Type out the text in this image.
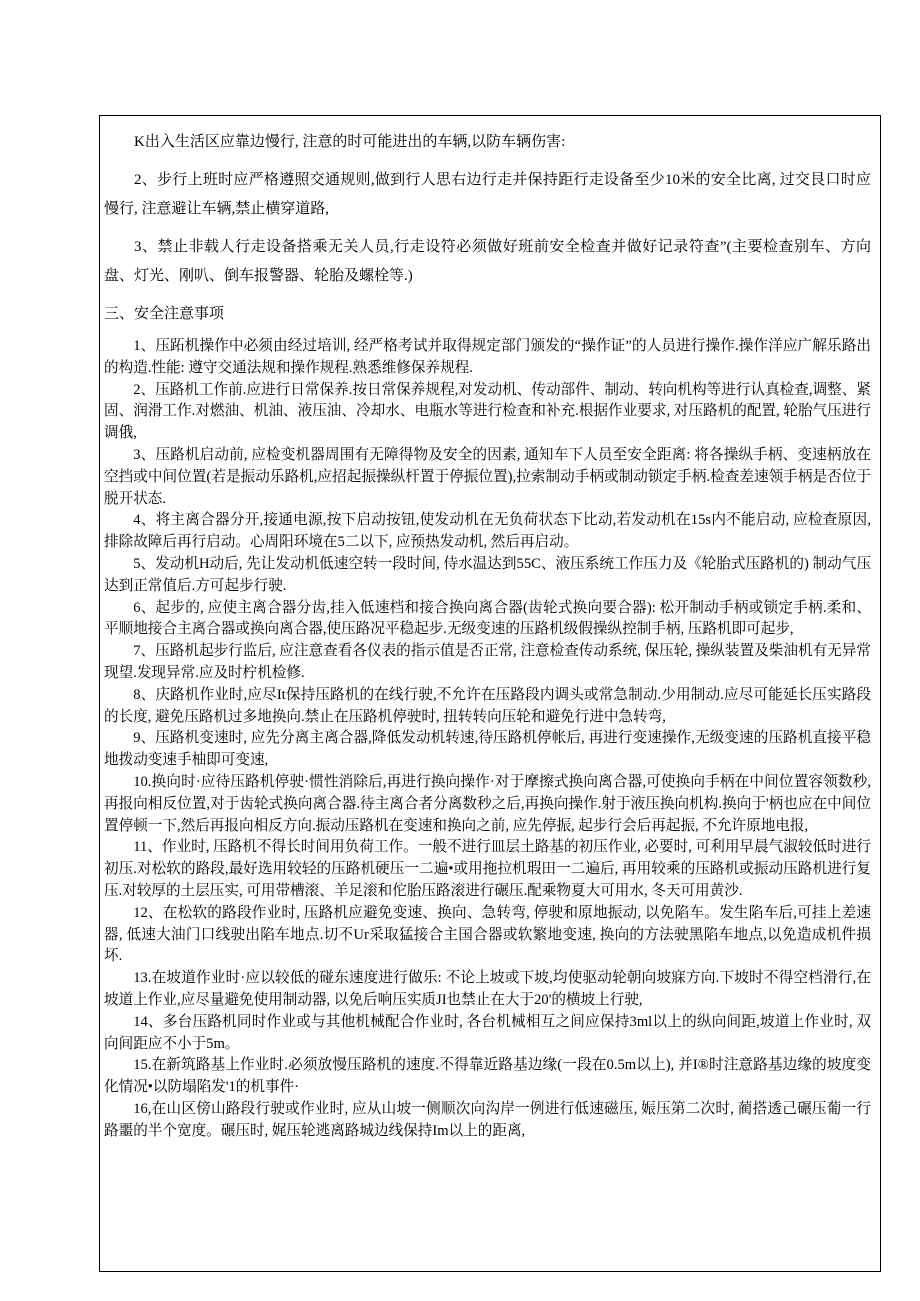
K出入生活区应靠边慢行, 注意的时可能进出的车辆,以防车辆伤害:

2、步行上班时应严格遵照交通规则,做到行人思右边行走并保持距行走设备至少10米的安全比离, 过交艮口时应慢行, 注意避让车辆,禁止横穿道路,

3、禁止非载人行走设备搭乘无关人员,行走设符必须做好班前安全检查并做好记录符查”(主要检查别车、方向盘、灯光、刚叭、倒车报警器、轮胎及螺栓等.)

三、安全注意事项

1、压跖机操作中必须由经过培训, 经严格考试并取得规定部门颁发的“操作证”的人员进行操作.操作洋应广解乐路出的构造.性能: 遵守交通法规和操作规程.熟悉维修保养规程.

2、压路机工作前.应进行日常保养.按日常保养规程,对发动机、传动部件、制动、转向机构等进行认真检查,调整、紧固、润滑工作.对燃油、机油、液压油、冷却水、电瓶水等进行检查和补充.根据作业要求, 对压路机的配置, 轮胎气压进行调俄,

3、压路机启动前, 应检变机器周围有无障得物及安全的因素, 通知车下人员至安全距离: 将各操纵手柄、变速柄放在空挡或中间位置(若是振动乐路机,应招起振操纵杆置于停振位置),拉索制动手柄或制动锁定手柄.检查差速领手柄是否位于脱开状态.

4、将主离合器分开,接通电源,按下启动按钮,使发动机在无负荷状态下比动,若发动机在15s内不能启动, 应检查原因, 排除故障后再行启动。心周阳环境在5二以下, 应预热发动机, 然后再启动。

5、发动机H动后, 先让发动机低速空转一段时间, 侍水温达到55C、液压系统工作压力及《轮胎式压路机的) 制动气压达到正常值后.方可起步行驶.

6、起步的, 应使主离合器分齿,挂入低速档和接合换向离合器(齿轮式换向要合器): 松开制动手柄或锁定手柄.柔和、平顺地接合主离合器或换向离合器,使压路况平稳起步.无级变速的压路机级假操纵控制手柄, 压路机即可起步,

7、压路机起步行监后, 应注意查看各仪表的指示值是否正常, 注意检查传动系统, 保压轮, 操纵装置及柴油机有无异常现望.发现异常.应及时柠机检修.

8、庆路机作业时,应尽It保持压路机的在线行驶,不允许在压路段内调头或常急制动.少用制动.应尽可能延长压实路段的长度, 避免压路机过多地换向.禁止在压路机停驶时, 扭转转向压轮和避免行进中急转弯,

9、压路机变速时, 应先分离主离合器,降低发动机转速,待压路机停帐后, 再进行变速操作,无级变速的压路机直接平稳地拨动变速手柚即可变速,

10.换向时·应待压路机停驶·惯性消除后,再进行换向操作·对于摩擦式换向离合器,可使换向手柄在中间位置容领数秒,再报向相反位置,对于齿轮式换向离合器.待主离合者分离数秒之后,再换向操作.射于液压换向机构.换向于'柄也应在中间位置停顿一下,然后再报向相反方向.振动压路机在变速和换向之前, 应先停振, 起步行会后再起振, 不允许原地电报,

11、作业时, 压路机不得长时间用负荷工作。一般不进行皿层土路基的初压作业, 必要时, 可利用早晨气淑较低时进行初压.对松软的路段,最好选用较轻的压路机硬压一二遍•或用拖拉机瑕田一二遍后, 再用较乘的压路机或振动压路机进行复压.对较厚的土层压实, 可用带槽滚、羊足滚和佗胎压路滚进行碾压.配乘物夏大可用水, 冬天可用黄沙.

12、在松软的路段作业时, 压路机应避免变速、换向、急转弯, 停驶和原地振动, 以免陷车。发生陷车后,可挂上差速器, 低速大油门口线驶出陷车地点.切不Ur采取猛接合主国合器或软繁地变速, 换向的方法驶黑陷车地点,以免造成机件损坏.

13.在坡道作业时·应以较低的碰东速度进行做乐: 不论上坡或下坡,均使驱动轮朝向坡寐方向.下坡时不得空档滑行,在坡道上作业,应尽量避免使用制动器, 以免后响压实质JI也禁止在大于20'的横坡上行驶,

14、多台压路机同时作业或与其他机械配合作业时, 各台机械相互之间应保持3ml以上的纵向间距,坡道上作业时, 双向间距应不小于5m。

15.在新筑路基上作业时.必须放慢压路机的速度.不得靠近路基边缘(一段在0.5m以上), 并I®时注意路基边缘的坡度变化情况•以防塌陷发'1的机事件·

16,在山区傍山路段行驶或作业时, 应从山坡一侧顺次向沟岸一例进行低速磁压, 娠压第二次时, 蔺搭透己碾压葡一行路噩的半个宽度。碾压时, 娓压轮逃离路城边线保持Im以上的距离,
